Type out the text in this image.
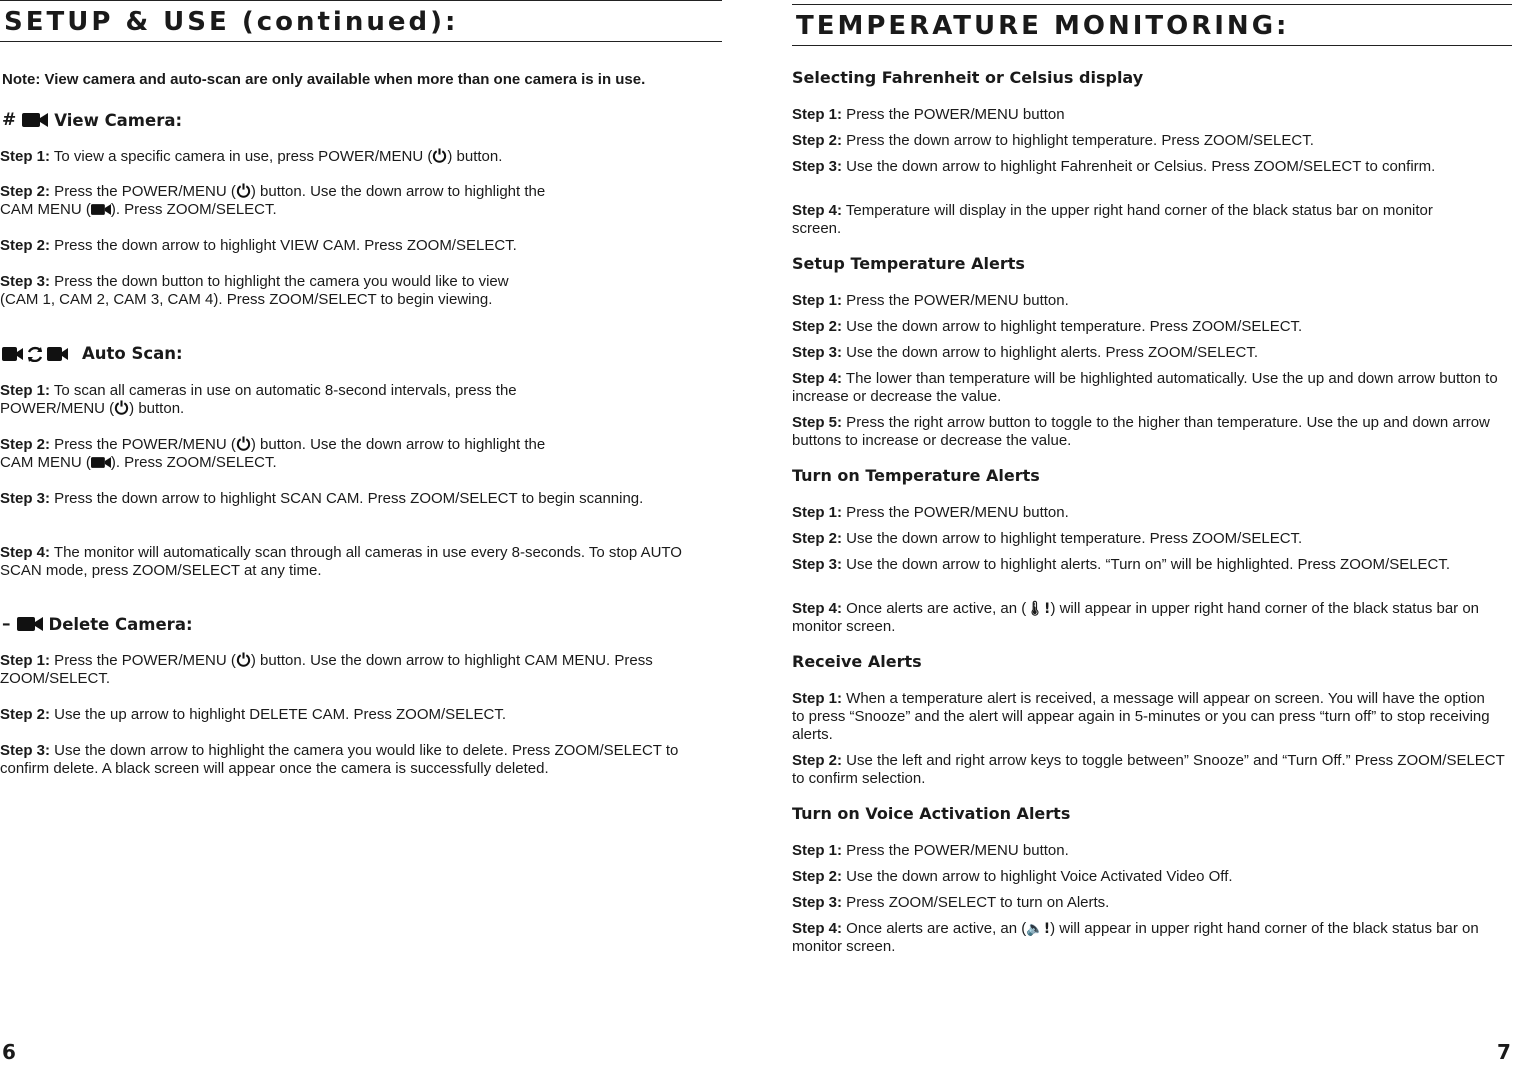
SETUP & USE (continued):

Note: View camera and auto-scan are only available when more than one camera is in use.

# View Camera:

Step 1: To view a specific camera in use, press POWER/MENU ( ) button.

Step 2: Press the POWER/MENU ( ) button. Use the down arrow to highlight the
CAM MENU ( ). Press ZOOM/SELECT.

Step 2: Press the down arrow to highlight VIEW CAM. Press ZOOM/SELECT.

Step 3: Press the down button to highlight the camera you would like to view
(CAM 1, CAM 2, CAM 3, CAM 4). Press ZOOM/SELECT to begin viewing.

Auto Scan:

Step 1: To scan all cameras in use on automatic 8-second intervals, press the
POWER/MENU ( ) button.

Step 2: Press the POWER/MENU ( ) button. Use the down arrow to highlight the
CAM MENU ( ). Press ZOOM/SELECT.

Step 3: Press the down arrow to highlight SCAN CAM. Press ZOOM/SELECT to begin scanning.

Step 4: The monitor will automatically scan through all cameras in use every 8-seconds. To stop AUTO SCAN mode, press ZOOM/SELECT at any time.

– Delete Camera:

Step 1: Press the POWER/MENU ( ) button. Use the down arrow to highlight CAM MENU. Press ZOOM/SELECT.

Step 2: Use the up arrow to highlight DELETE CAM. Press ZOOM/SELECT.

Step 3: Use the down arrow to highlight the camera you would like to delete. Press ZOOM/SELECT to confirm delete. A black screen will appear once the camera is successfully deleted.

6
TEMPERATURE MONITORING:
Selecting Fahrenheit or Celsius display

Step 1: Press the POWER/MENU button

Step 2: Press the down arrow to highlight temperature. Press ZOOM/SELECT.

Step 3: Use the down arrow to highlight Fahrenheit or Celsius. Press ZOOM/SELECT to confirm.

Step 4: Temperature will display in the upper right hand corner of the black status bar on monitor screen.

Setup Temperature Alerts

Step 1: Press the POWER/MENU button.

Step 2: Use the down arrow to highlight temperature. Press ZOOM/SELECT.

Step 3: Use the down arrow to highlight alerts. Press ZOOM/SELECT.

Step 4: The lower than temperature will be highlighted automatically. Use the up and down arrow button to increase or decrease the value.

Step 5: Press the right arrow button to toggle to the higher than temperature. Use the up and down arrow buttons to increase or decrease the value.

Turn on Temperature Alerts

Step 1: Press the POWER/MENU button.

Step 2: Use the down arrow to highlight temperature. Press ZOOM/SELECT.

Step 3: Use the down arrow to highlight alerts. “Turn on” will be highlighted. Press ZOOM/SELECT.

Step 4: Once alerts are active, an (🌡!) will appear in upper right hand corner of the black status bar on monitor screen.

Receive Alerts

Step 1: When a temperature alert is received, a message will appear on screen. You will have the option to press “Snooze” and the alert will appear again in 5-minutes or you can press “turn off” to stop receiving alerts.

Step 2: Use the left and right arrow keys to toggle between” Snooze” and “Turn Off.” Press ZOOM/SELECT to confirm selection.

Turn on Voice Activation Alerts

Step 1: Press the POWER/MENU button.

Step 2: Use the down arrow to highlight Voice Activated Video Off.

Step 3: Press ZOOM/SELECT to turn on Alerts.

Step 4: Once alerts are active, an (🔈!) will appear in upper right hand corner of the black status bar on monitor screen.

7
